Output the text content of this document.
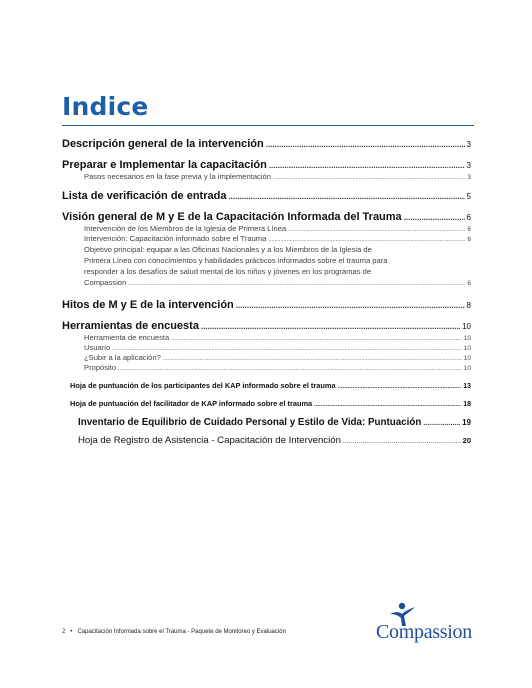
Indice
Descripción general de la intervención .....	3
Preparar e Implementar la capacitación .....	3
Pasos necesarios en la fase previa y la implementación .....	3
Lista de verificación de entrada .....	5
Visión general de M y E de la Capacitación Informada del Trauma .....	6
Intervención de los Miembros de la Iglesia de Primera Línea .....	6
Intervención: Capacitación informado sobre el Trauma .....	6
Objetivo principal: equipar a las Oficinas Nacionales y a los Miembros de la Iglesia de
Primera Línea con conocimientos y habilidades prácticos informados sobre el trauma para
responder a los desafíos de salud mental de los niños y jóvenes en los programas de
Compassion .....	6
Hitos de M y E de la intervención .....	8
Herramientas de encuesta .....	10
Herramienta de encuesta .....	10
Usuario .....	10
¿Subir a la aplicación? .....	10
Propósito .....	10
Hoja de puntuación de los participantes del KAP informado sobre el trauma .....	13
Hoja de puntuación del facilitador de KAP informado sobre el trauma .....	18
Inventario de Equilibrio de Cuidado Personal y Estilo de Vida: Puntuación .....	19
Hoja de Registro de Asistencia - Capacitación de Intervención .....	20
2 • Capacitación Informada sobre el Trauma - Paquete de Monitoreo y Evaluación	Compassion
